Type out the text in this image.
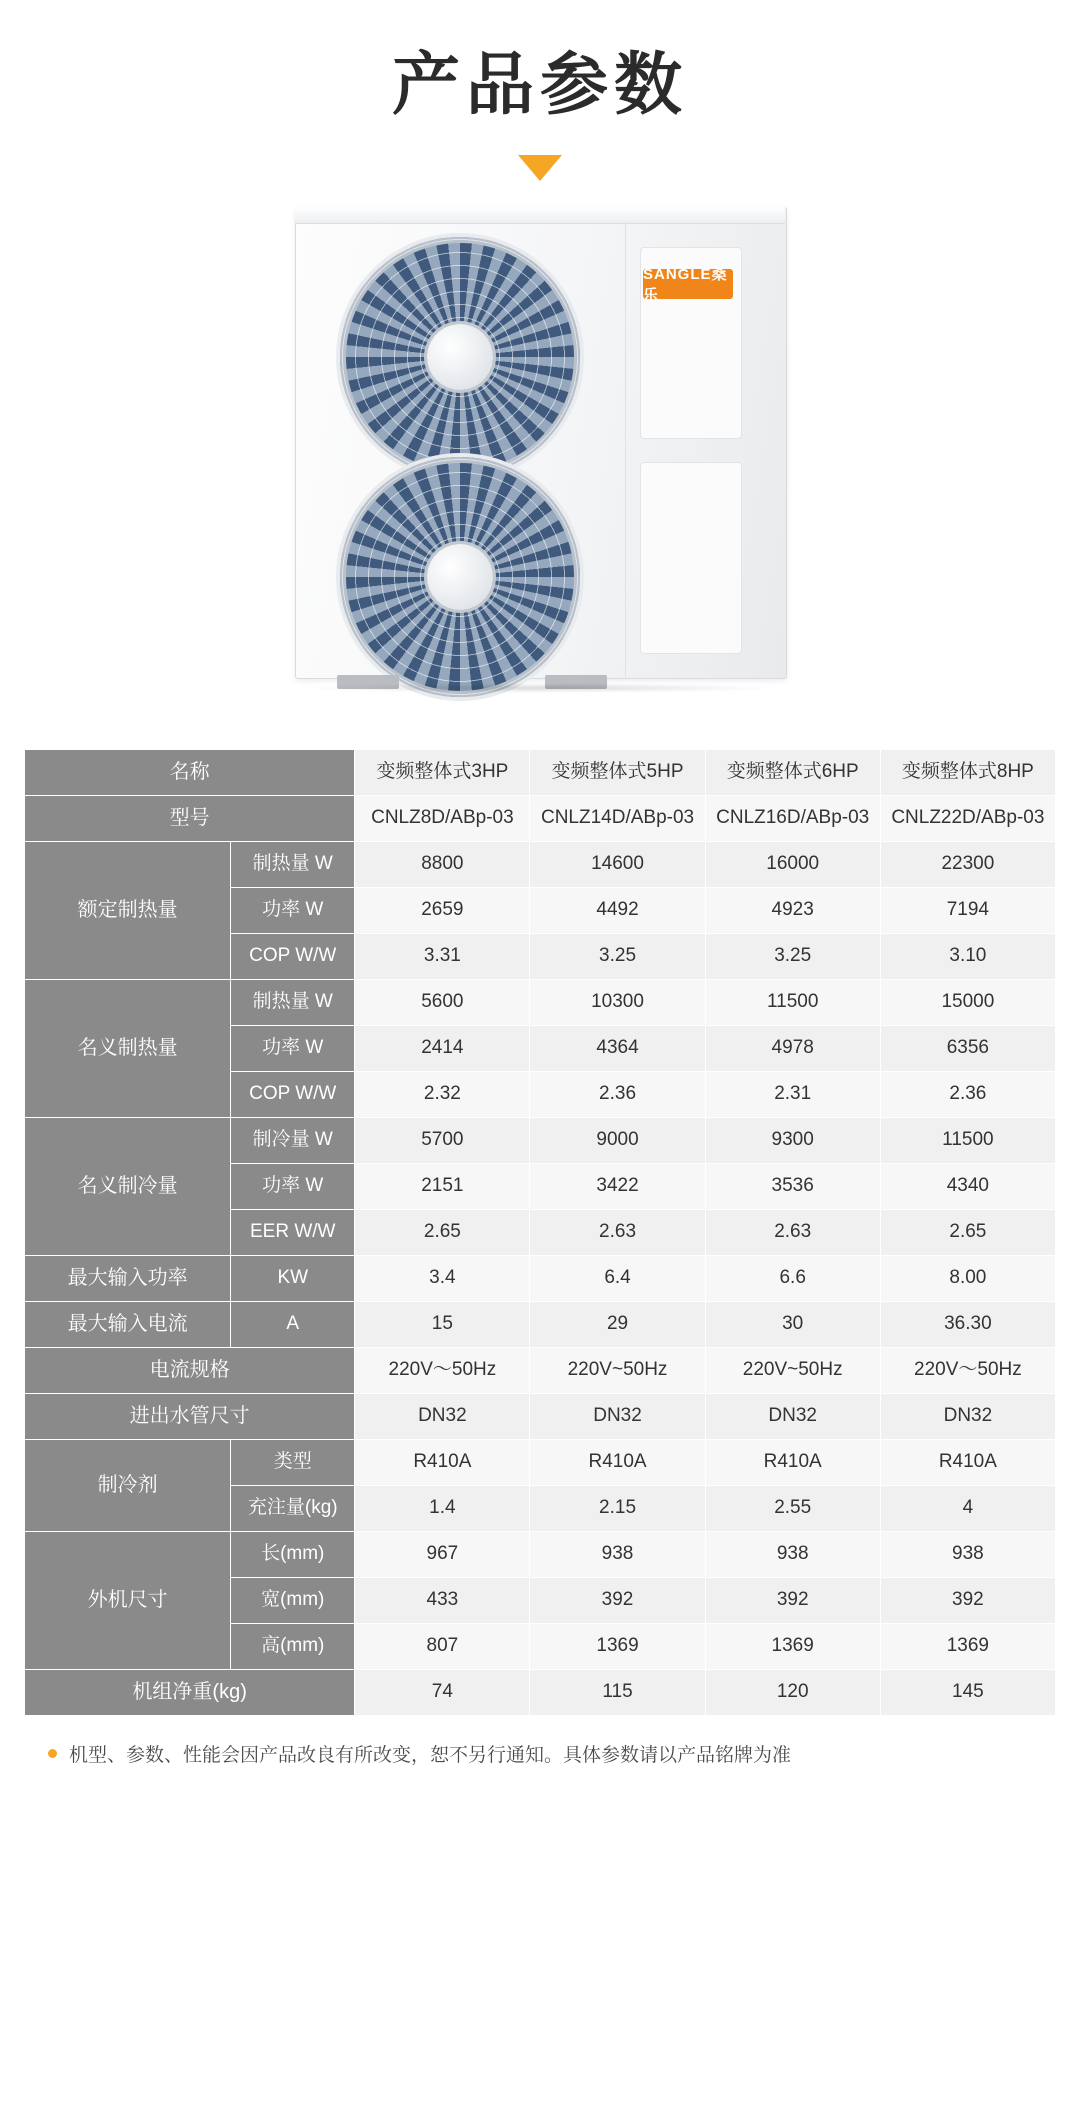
产品参数
SANGLE桑乐
名称		变频整体式3HP	变频整体式5HP	变频整体式6HP	变频整体式8HP
型号		CNLZ8D/ABp-03	CNLZ14D/ABp-03	CNLZ16D/ABp-03	CNLZ22D/ABp-03
额定制热量	制热量 W	8800	14600	16000	22300
	功率 W	2659	4492	4923	7194
	COP W/W	3.31	3.25	3.25	3.10
名义制热量	制热量 W	5600	10300	11500	15000
	功率 W	2414	4364	4978	6356
	COP W/W	2.32	2.36	2.31	2.36
名义制冷量	制冷量 W	5700	9000	9300	11500
	功率 W	2151	3422	3536	4340
	EER W/W	2.65	2.63	2.63	2.65
最大输入功率	KW	3.4	6.4	6.6	8.00
最大输入电流	A	15	29	30	36.30
电流规格		220V～50Hz	220V~50Hz	220V~50Hz	220V～50Hz
进出水管尺寸		DN32	DN32	DN32	DN32
制冷剂	类型	R410A	R410A	R410A	R410A
	充注量(kg)	1.4	2.15	2.55	4
外机尺寸	长(mm)	967	938	938	938
	宽(mm)	433	392	392	392
	高(mm)	807	1369	1369	1369
机组净重(kg)		74	115	120	145
机型、参数、性能会因产品改良有所改变，恕不另行通知。具体参数请以产品铭牌为准
